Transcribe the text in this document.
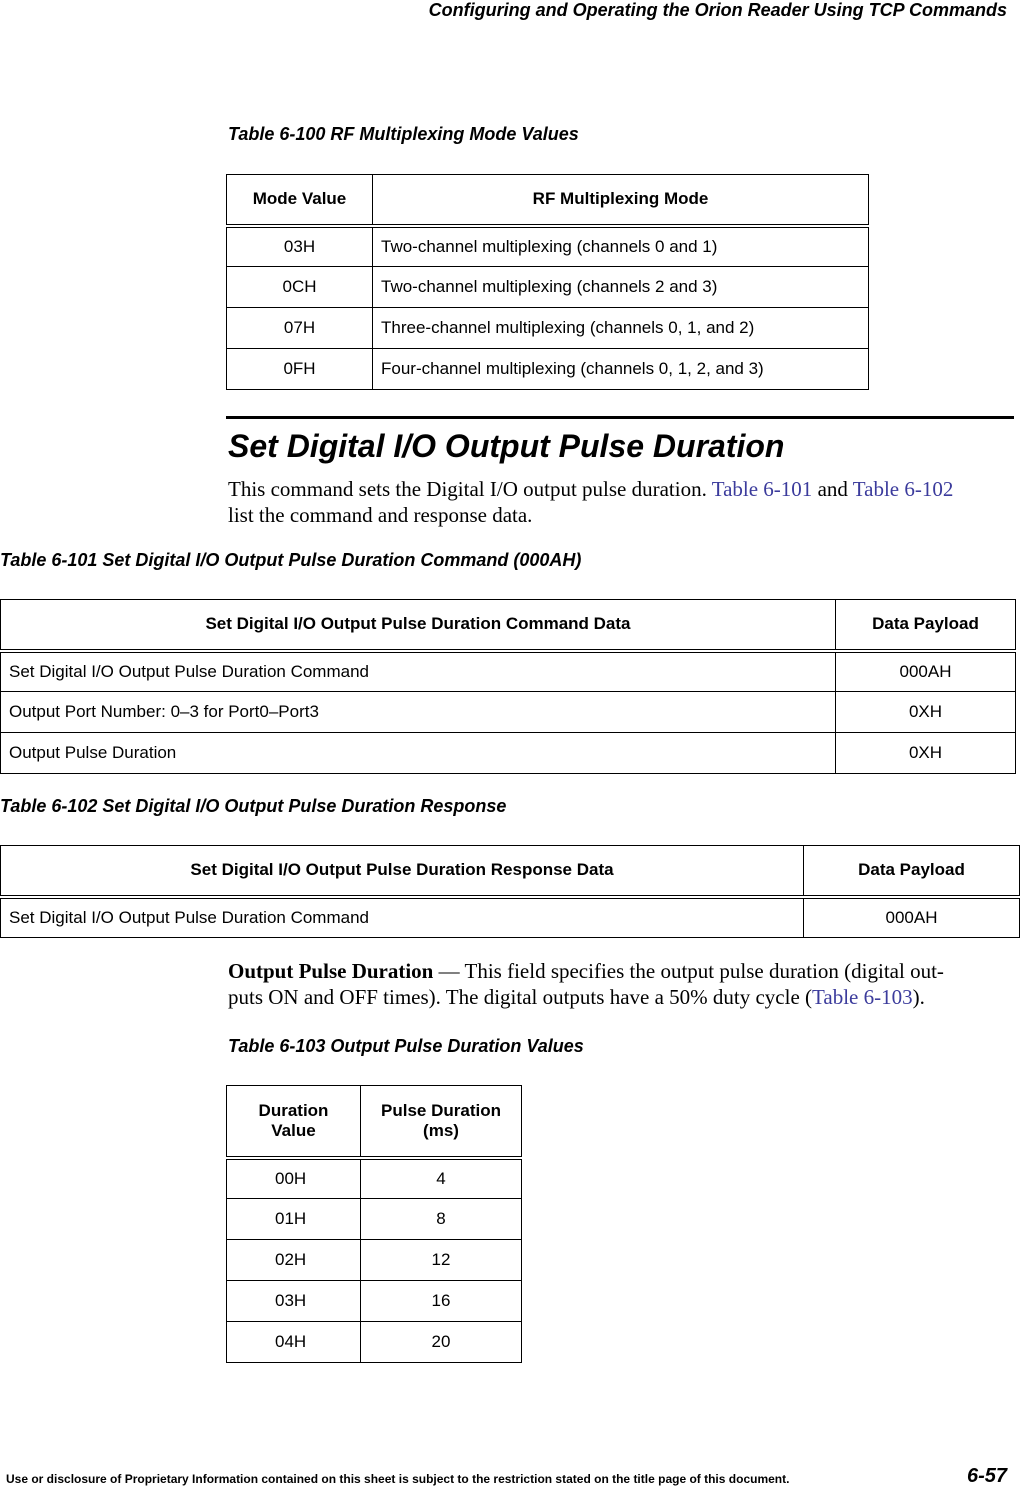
Configuring and Operating the Orion Reader Using TCP Commands
Table 6-100 RF Multiplexing Mode Values
Mode Value	RF Multiplexing Mode
03H	Two-channel multiplexing (channels 0 and 1)
0CH	Two-channel multiplexing (channels 2 and 3)
07H	Three-channel multiplexing (channels 0, 1, and 2)
0FH	Four-channel multiplexing (channels 0, 1, 2, and 3)
Set Digital I/O Output Pulse Duration
This command sets the Digital I/O output pulse duration. Table 6-101 and Table 6-102
list the command and response data.
Table 6-101 Set Digital I/O Output Pulse Duration Command (000AH)
Set Digital I/O Output Pulse Duration Command Data	Data Payload
Set Digital I/O Output Pulse Duration Command	000AH
Output Port Number: 0–3 for Port0–Port3	0XH
Output Pulse Duration	0XH
Table 6-102 Set Digital I/O Output Pulse Duration Response
Set Digital I/O Output Pulse Duration Response Data	Data Payload
Set Digital I/O Output Pulse Duration Command	000AH
Output Pulse Duration — This field specifies the output pulse duration (digital out-
puts ON and OFF times). The digital outputs have a 50% duty cycle (Table 6-103).
Table 6-103 Output Pulse Duration Values
Duration Value	Pulse Duration (ms)
00H	4
01H	8
02H	12
03H	16
04H	20
Use or disclosure of Proprietary Information contained on this sheet is subject to the restriction stated on the title page of this document.	6-57
